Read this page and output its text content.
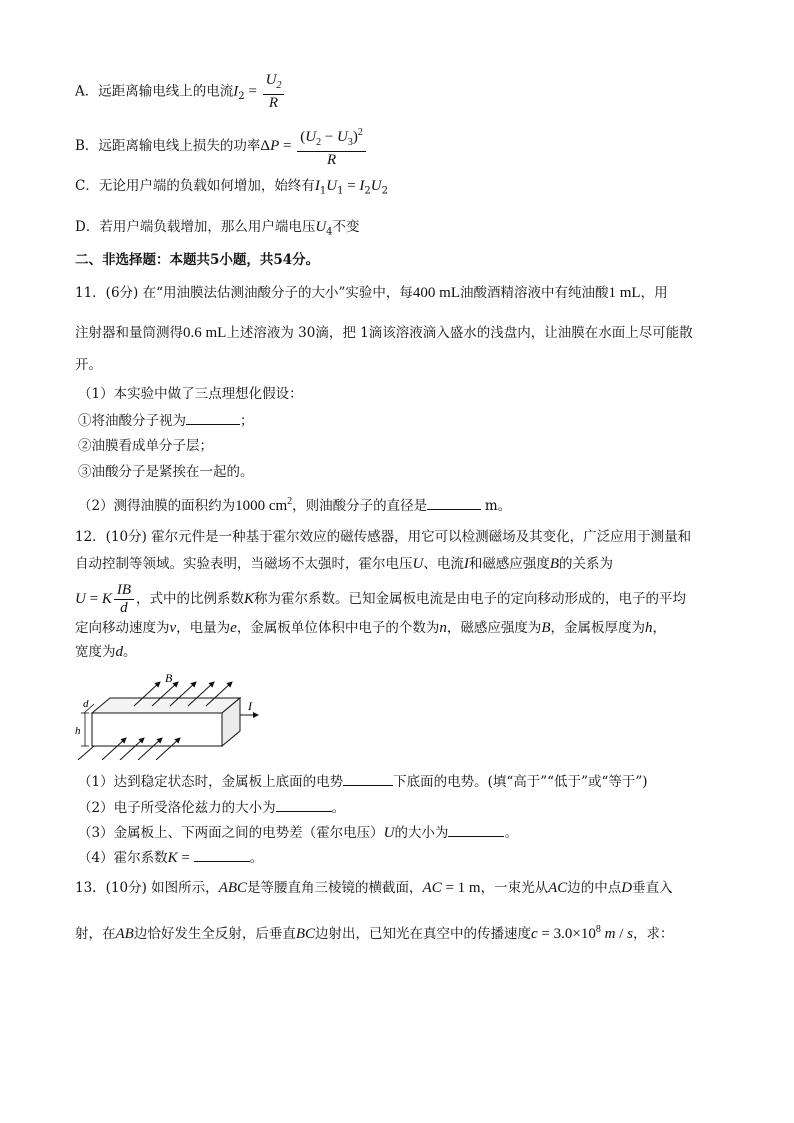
A．远距离输电线上的电流$I_2 = \frac{U_2}{R}$
B．远距离输电线上损失的功率$\Delta P = \frac{(U_2 - U_3)^2}{R}$
C．无论用户端的负载如何增加，始终有$I_1U_1 = I_2U_2$
D．若用户端负载增加，那么用户端电压$U_4$不变
二、非选择题：本题共5小题，共54分。
11．(6分) 在“用油膜法估测油酸分子的大小”实验中，每400 mL油酸酒精溶液中有纯油酸1 mL，用
注射器和量筒测得0.6 mL上述溶液为 30滴，把 1滴该溶液滴入盛水的浅盘内，让油膜在水面上尽可能散
开。
（1）本实验中做了三点理想化假设：
①将油酸分子视为	；
②油膜看成单分子层；
③油酸分子是紧挨在一起的。
（2）测得油膜的面积约为1000 $cm^2$，则油酸分子的直径是	m。
12．(10分) 霍尔元件是一种基于霍尔效应的磁传感器，用它可以检测磁场及其变化，广泛应用于测量和
自动控制等领域。实验表明，当磁场不太强时，霍尔电压U、电流I和磁感应强度B的关系为
U = K $\frac{IB}{d}$ ，式中的比例系数K称为霍尔系数。已知金属板电流是由电子的定向移动形成的，电子的平均
定向移动速度为v，电量为e，金属板单位体积中电子的个数为n，磁感应强度为B，金属板厚度为h，
宽度为d。
B
I
d
h
（1）达到稳定状态时，金属板上底面的电势	下底面的电势。(填“高于”“低于”或“等于”)
（2）电子所受洛伦兹力的大小为	。
（3）金属板上、下两面之间的电势差（霍尔电压）U的大小为	。
（4）霍尔系数K =	。
13．(10分) 如图所示，ABC是等腰直角三棱镜的横截面，AC = 1 m，一束光从AC边的中点D垂直入
射，在AB边恰好发生全反射，后垂直BC边射出，已知光在真空中的传播速度$c = 3.0\times 10^8$ m / s，求：
